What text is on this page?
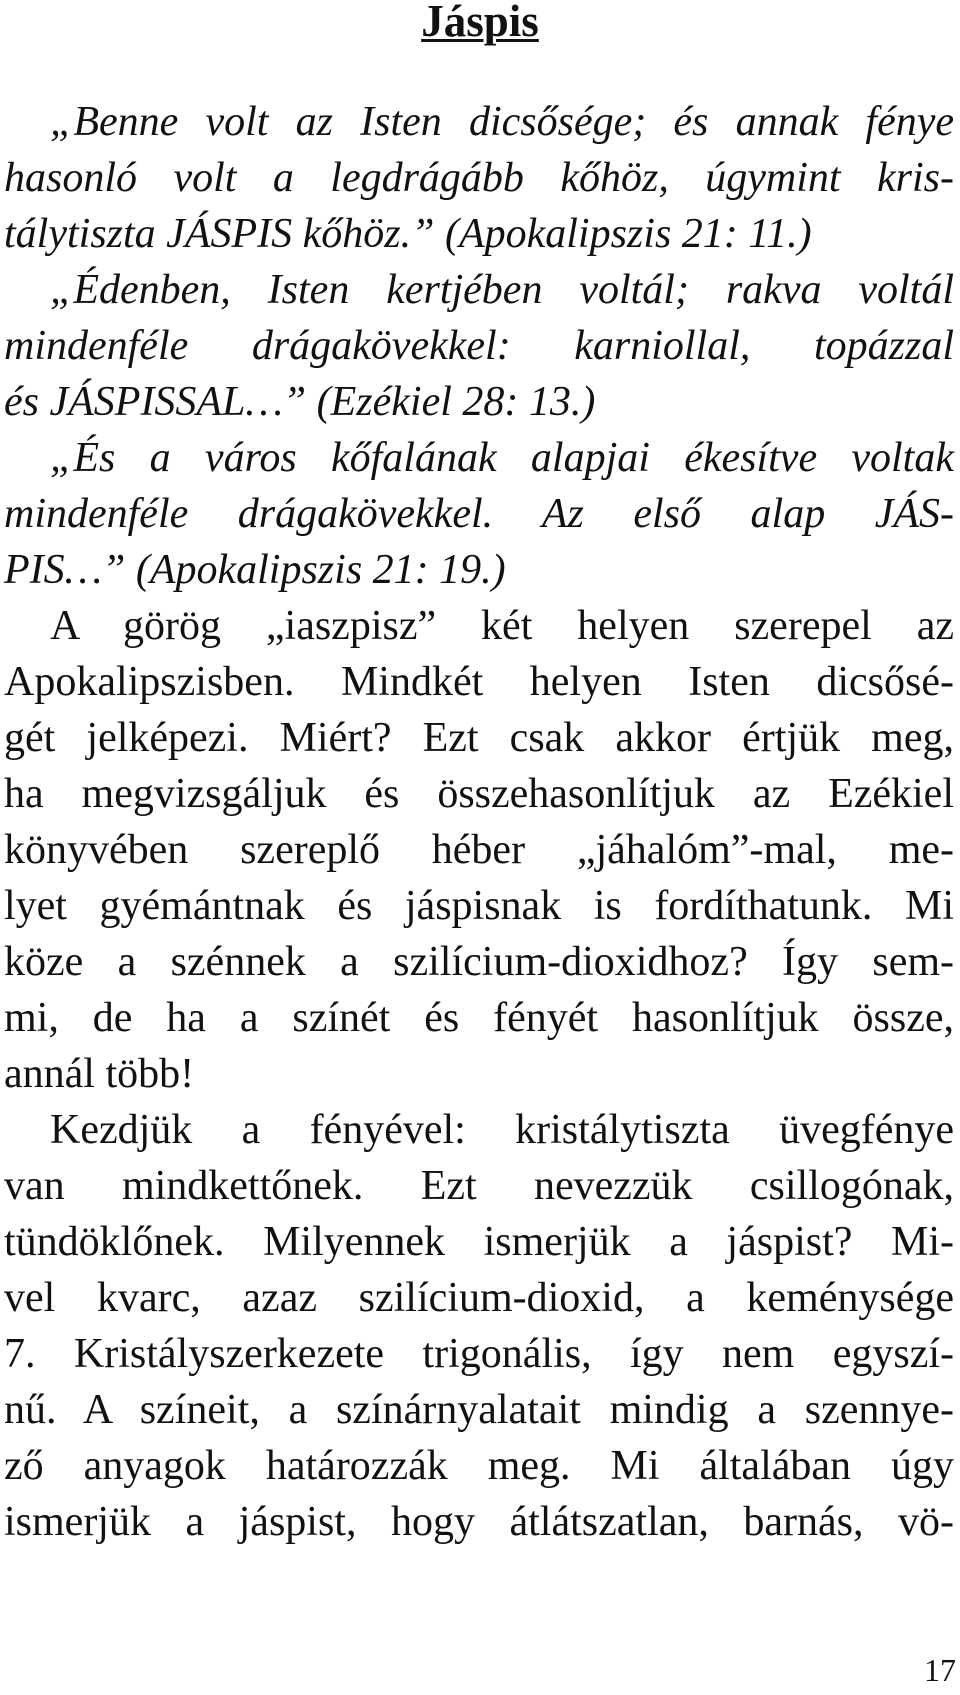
Jáspis
„Benne volt az Isten dicsősége; és annak fénye
hasonló volt a legdrágább kőhöz, úgymint kris-
tálytiszta JÁSPIS kőhöz.” (Apokalipszis 21: 11.)
„Édenben, Isten kertjében voltál; rakva voltál
mindenféle drágakövekkel: karniollal, topázzal
és JÁSPISSAL…” (Ezékiel 28: 13.)
„És a város kőfalának alapjai ékesítve voltak
mindenféle drágakövekkel. Az első alap JÁS-
PIS…” (Apokalipszis 21: 19.)
A görög „iaszpisz” két helyen szerepel az
Apokalipszisben. Mindkét helyen Isten dicsősé-
gét jelképezi. Miért? Ezt csak akkor értjük meg,
ha megvizsgáljuk és összehasonlítjuk az Ezékiel
könyvében szereplő héber „jáhalóm”-mal, me-
lyet gyémántnak és jáspisnak is fordíthatunk. Mi
köze a szénnek a szilícium-dioxidhoz? Így sem-
mi, de ha a színét és fényét hasonlítjuk össze,
annál több!
Kezdjük a fényével: kristálytiszta üvegfénye
van mindkettőnek. Ezt nevezzük csillogónak,
tündöklőnek. Milyennek ismerjük a jáspist? Mi-
vel kvarc, azaz szilícium-dioxid, a keménysége
7. Kristályszerkezete trigonális, így nem egyszí-
nű. A színeit, a színárnyalatait mindig a szennye-
ző anyagok határozzák meg. Mi általában úgy
ismerjük a jáspist, hogy átlátszatlan, barnás, vö-
17
